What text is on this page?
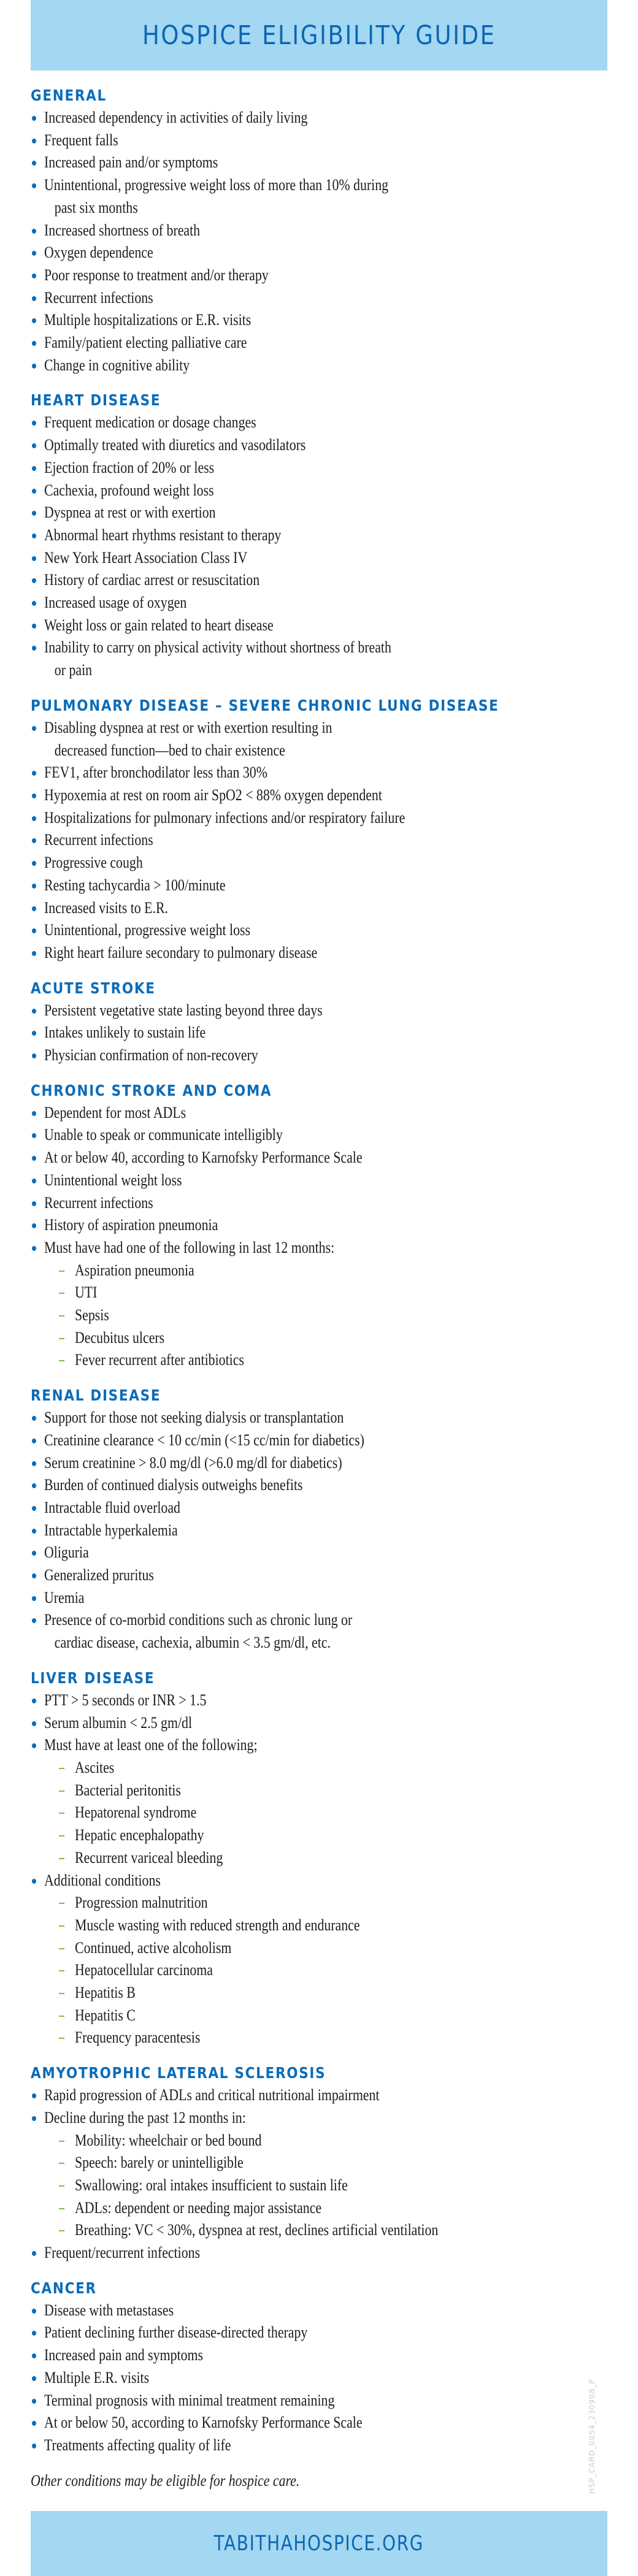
HOSPICE ELIGIBILITY GUIDE
GENERAL
Increased dependency in activities of daily living
Frequent falls
Increased pain and/or symptoms
Unintentional, progressive weight loss of more than 10% during
past six months
Increased shortness of breath
Oxygen dependence
Poor response to treatment and/or therapy
Recurrent infections
Multiple hospitalizations or E.R. visits
Family/patient electing palliative care
Change in cognitive ability
HEART DISEASE
Frequent medication or dosage changes
Optimally treated with diuretics and vasodilators
Ejection fraction of 20% or less
Cachexia, profound weight loss
Dyspnea at rest or with exertion
Abnormal heart rhythms resistant to therapy
New York Heart Association Class IV
History of cardiac arrest or resuscitation
Increased usage of oxygen
Weight loss or gain related to heart disease
Inability to carry on physical activity without shortness of breath
or pain
PULMONARY DISEASE – SEVERE CHRONIC LUNG DISEASE
Disabling dyspnea at rest or with exertion resulting in
decreased function—bed to chair existence
FEV1, after bronchodilator less than 30%
Hypoxemia at rest on room air SpO2 < 88% oxygen dependent
Hospitalizations for pulmonary infections and/or respiratory failure
Recurrent infections
Progressive cough
Resting tachycardia > 100/minute
Increased visits to E.R.
Unintentional, progressive weight loss
Right heart failure secondary to pulmonary disease
ACUTE STROKE
Persistent vegetative state lasting beyond three days
Intakes unlikely to sustain life
Physician confirmation of non-recovery
CHRONIC STROKE AND COMA
Dependent for most ADLs
Unable to speak or communicate intelligibly
At or below 40, according to Karnofsky Performance Scale
Unintentional weight loss
Recurrent infections
History of aspiration pneumonia
Must have had one of the following in last 12 months:
Aspiration pneumonia
UTI
Sepsis
Decubitus ulcers
Fever recurrent after antibiotics
RENAL DISEASE
Support for those not seeking dialysis or transplantation
Creatinine clearance < 10 cc/min (<15 cc/min for diabetics)
Serum creatinine > 8.0 mg/dl (>6.0 mg/dl for diabetics)
Burden of continued dialysis outweighs benefits
Intractable fluid overload
Intractable hyperkalemia
Oliguria
Generalized pruritus
Uremia
Presence of co-morbid conditions such as chronic lung or
cardiac disease, cachexia, albumin < 3.5 gm/dl, etc.
LIVER DISEASE
PTT > 5 seconds or INR > 1.5
Serum albumin < 2.5 gm/dl
Must have at least one of the following;
Ascites
Bacterial peritonitis
Hepatorenal syndrome
Hepatic encephalopathy
Recurrent variceal bleeding
Additional conditions
Progression malnutrition
Muscle wasting with reduced strength and endurance
Continued, active alcoholism
Hepatocellular carcinoma
Hepatitis B
Hepatitis C
Frequency paracentesis
AMYOTROPHIC LATERAL SCLEROSIS
Rapid progression of ADLs and critical nutritional impairment
Decline during the past 12 months in:
Mobility: wheelchair or bed bound
Speech: barely or unintelligible
Swallowing: oral intakes insufficient to sustain life
ADLs: dependent or needing major assistance
Breathing: VC < 30%, dyspnea at rest, declines artificial ventilation
Frequent/recurrent infections
CANCER
Disease with metastases
Patient declining further disease-directed therapy
Increased pain and symptoms
Multiple E.R. visits
Terminal prognosis with minimal treatment remaining
At or below 50, according to Karnofsky Performance Scale
Treatments affecting quality of life

Other conditions may be eligible for hospice care.	HSP_CARD_0054_230908_P
TABITHAHOSPICE.ORG
